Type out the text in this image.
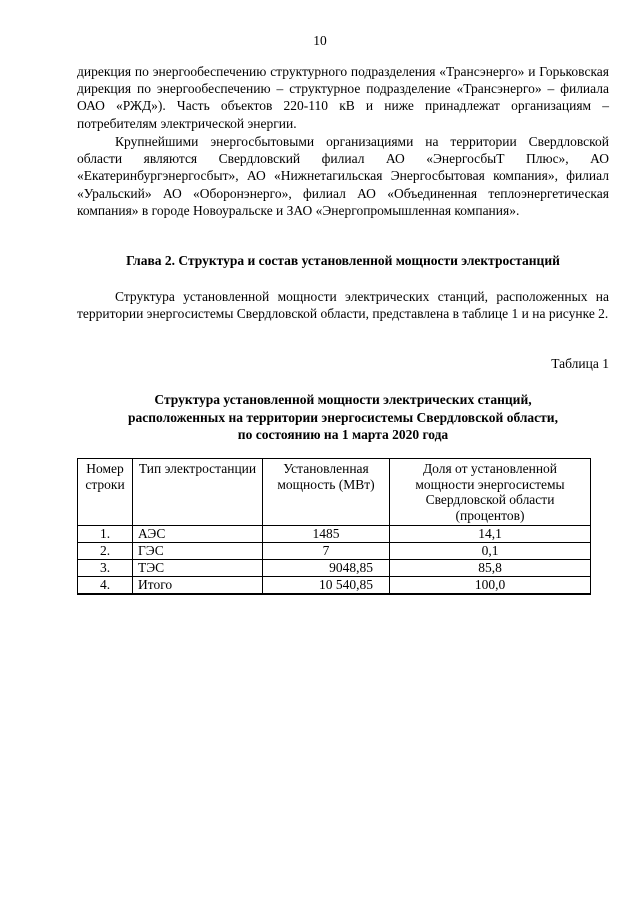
10
дирекция по энергообеспечению структурного подразделения «Трансэнерго» и Горьковская дирекция по энергообеспечению – структурное подразделение «Трансэнерго» – филиала ОАО «РЖД»). Часть объектов 220-110 кВ и ниже принадлежат организациям – потребителям электрической энергии.
Крупнейшими энергосбытовыми организациями на территории Свердловской области являются Свердловский филиал АО «ЭнергосбыТ Плюс», АО «Екатеринбургэнергосбыт», АО «Нижнетагильская Энергосбытовая компания», филиал «Уральский» АО «Оборонэнерго», филиал АО «Объединенная теплоэнергетическая компания» в городе Новоуральске и ЗАО «Энергопромышленная компания».
Глава 2. Структура и состав установленной мощности электростанций
Структура установленной мощности электрических станций, расположенных на территории энергосистемы Свердловской области, представлена в таблице 1 и на рисунке 2.
Таблица 1
Структура установленной мощности электрических станций,
расположенных на территории энергосистемы Свердловской области,
по состоянию на 1 марта 2020 года
Номер строки	Тип электростанции	Установленная мощность (МВт)	Доля от установленной мощности энергосистемы Свердловской области (процентов)
1.	АЭС	1485	14,1
2.	ГЭС	7	0,1
3.	ТЭС	9048,85	85,8
4.	Итого	10 540,85	100,0
